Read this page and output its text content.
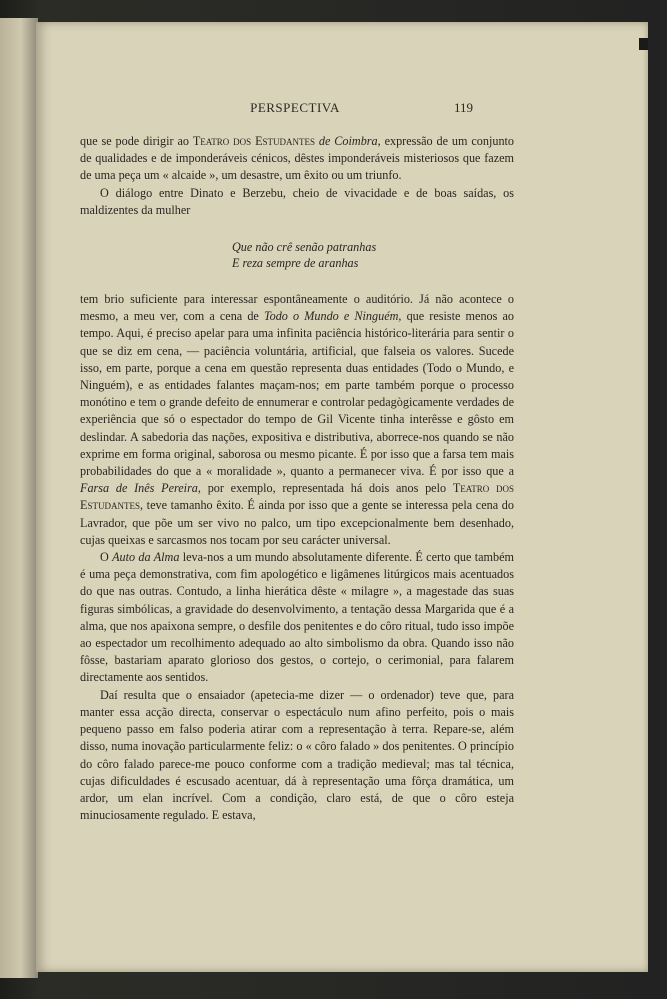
PERSPECTIVA	119

que se pode dirigir ao Teatro dos Estudantes de Coimbra, expressão de um conjunto de qualidades e de imponderáveis cénicos, dêstes imponderáveis misteriosos que fazem de uma peça um « alcaide », um desastre, um êxito ou um triunfo.

O diálogo entre Dinato e Berzebu, cheio de vivacidade e de boas saídas, os maldizentes da mulher

Que não crê senão patranhas
E reza sempre de aranhas

tem brio suficiente para interessar espontâneamente o auditório. Já não acontece o mesmo, a meu ver, com a cena de Todo o Mundo e Ninguém, que resiste menos ao tempo. Aqui, é preciso apelar para uma infinita paciência histórico-literária para sentir o que se diz em cena, — paciência voluntária, artificial, que falseia os valores. Sucede isso, em parte, porque a cena em questão representa duas entidades (Todo o Mundo, e Ninguém), e as entidades falantes maçam-nos; em parte também porque o processo monótino e tem o grande defeito de ennumerar e controlar pedagògicamente verdades de experiência que só o espectador do tempo de Gil Vicente tinha interêsse e gôsto em deslindar. A sabedoria das nações, expositiva e distributiva, aborrece-nos quando se não exprime em forma original, saborosa ou mesmo picante. É por isso que a farsa tem mais probabilidades do que a « moralidade », quanto a permanecer viva. É por isso que a Farsa de Inês Pereira, por exemplo, representada há dois anos pelo Teatro dos Estudantes, teve tamanho êxito. É ainda por isso que a gente se interessa pela cena do Lavrador, que põe um ser vivo no palco, um tipo excepcionalmente bem desenhado, cujas queixas e sarcasmos nos tocam por seu carácter universal.

O Auto da Alma leva-nos a um mundo absolutamente diferente. É certo que também é uma peça demonstrativa, com fim apologético e ligâmenes litúrgicos mais acentuados do que nas outras. Contudo, a linha hierática dêste « milagre », a magestade das suas figuras simbólicas, a gravidade do desenvolvimento, a tentação dessa Margarida que é a alma, que nos apaixona sempre, o desfile dos penitentes e do côro ritual, tudo isso impõe ao espectador um recolhimento adequado ao alto simbolismo da obra. Quando isso não fôsse, bastariam aparato glorioso dos gestos, o cortejo, o cerimonial, para falarem directamente aos sentidos.

Daí resulta que o ensaiador (apetecia-me dizer — o ordenador) teve que, para manter essa acção directa, conservar o espectáculo num afino perfeito, pois o mais pequeno passo em falso poderia atirar com a representação à terra. Repare-se, além disso, numa inovação particularmente feliz: o « côro falado » dos penitentes. O princípio do côro falado parece-me pouco conforme com a tradição medieval; mas tal técnica, cujas dificuldades é escusado acentuar, dá à representação uma fôrça dramática, um ardor, um elan incrível. Com a condição, claro está, de que o côro esteja minuciosamente regulado. E estava,
